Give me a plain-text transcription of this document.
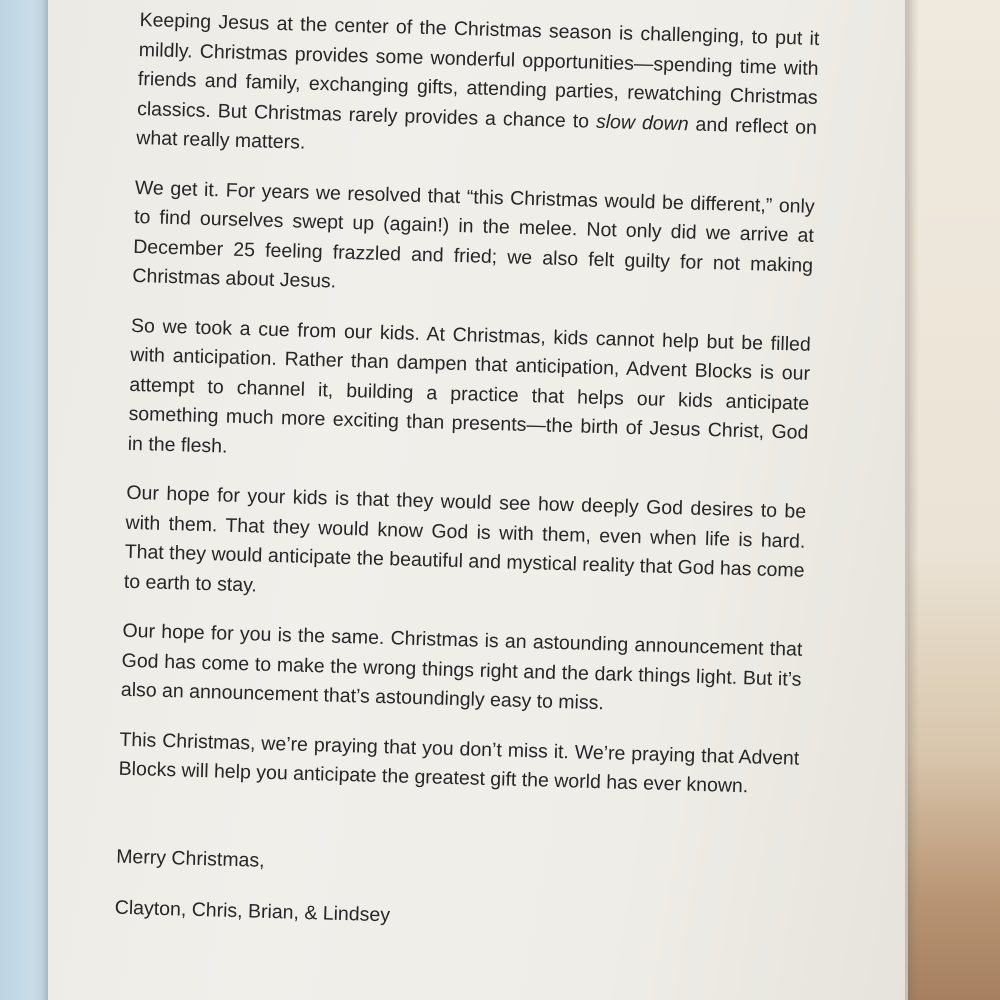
Keeping Jesus at the center of the Christmas season is challenging, to put it mildly. Christmas provides some wonderful opportunities—spending time with friends and family, exchanging gifts, attending parties, rewatching Christmas classics. But Christmas rarely provides a chance to slow down and reflect on what really matters.

We get it. For years we resolved that “this Christmas would be different,” only to find ourselves swept up (again!) in the melee. Not only did we arrive at December 25 feeling frazzled and fried; we also felt guilty for not making Christmas about Jesus.

So we took a cue from our kids. At Christmas, kids cannot help but be filled with anticipation. Rather than dampen that anticipation, Advent Blocks is our attempt to channel it, building a practice that helps our kids anticipate something much more exciting than presents—the birth of Jesus Christ, God in the flesh.

Our hope for your kids is that they would see how deeply God desires to be with them. That they would know God is with them, even when life is hard. That they would anticipate the beautiful and mystical reality that God has come to earth to stay.

Our hope for you is the same. Christmas is an astounding announcement that God has come to make the wrong things right and the dark things light. But it’s also an announcement that’s astoundingly easy to miss.

This Christmas, we’re praying that you don’t miss it. We’re praying that Advent Blocks will help you anticipate the greatest gift the world has ever known.

Merry Christmas,
Clayton, Chris, Brian, & Lindsey
